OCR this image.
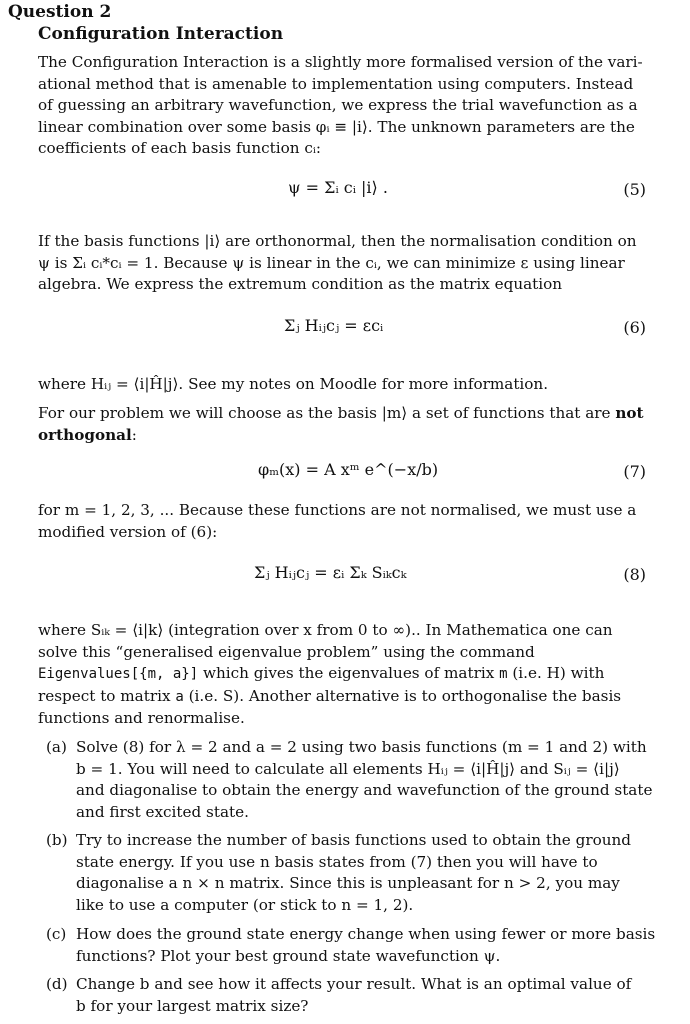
Question 2
Configuration Interaction
The Configuration Interaction is a slightly more formalised version of the vari-
ational method that is amenable to implementation using computers. Instead
of guessing an arbitrary wavefunction, we express the trial wavefunction as a
linear combination over some basis φᵢ ≡ |i⟩. The unknown parameters are the
coefficients of each basis function cᵢ:
ψ = Σᵢ cᵢ |i⟩ .	(5)
If the basis functions |i⟩ are orthonormal, then the normalisation condition on
ψ is Σᵢ cᵢ*cᵢ = 1. Because ψ is linear in the cᵢ, we can minimize ε using linear
algebra. We express the extremum condition as the matrix equation
Σⱼ Hᵢⱼcⱼ = εcᵢ	(6)
where Hᵢⱼ = ⟨i|Ĥ|j⟩. See my notes on Moodle for more information.
For our problem we will choose as the basis |m⟩ a set of functions that are not
orthogonal:
φₘ(x) = A xᵐ e^(−x/b)	(7)
for m = 1, 2, 3, ... Because these functions are not normalised, we must use a
modified version of (6):
Σⱼ Hᵢⱼcⱼ = εᵢ Σₖ Sᵢₖcₖ	(8)
where Sᵢₖ = ⟨i|k⟩ (integration over x from 0 to ∞).. In Mathematica one can
solve this “generalised eigenvalue problem” using the command
Eigenvalues[{m, a}] which gives the eigenvalues of matrix m (i.e. H) with
respect to matrix a (i.e. S). Another alternative is to orthogonalise the basis
functions and renormalise.
(a) Solve (8) for λ = 2 and a = 2 using two basis functions (m = 1 and 2) with
b = 1. You will need to calculate all elements Hᵢⱼ = ⟨i|Ĥ|j⟩ and Sᵢⱼ = ⟨i|j⟩
and diagonalise to obtain the energy and wavefunction of the ground state
and first excited state.
(b) Try to increase the number of basis functions used to obtain the ground
state energy. If you use n basis states from (7) then you will have to
diagonalise a n × n matrix. Since this is unpleasant for n > 2, you may
like to use a computer (or stick to n = 1, 2).
(c) How does the ground state energy change when using fewer or more basis
functions? Plot your best ground state wavefunction ψ.
(d) Change b and see how it affects your result. What is an optimal value of
b for your largest matrix size?
